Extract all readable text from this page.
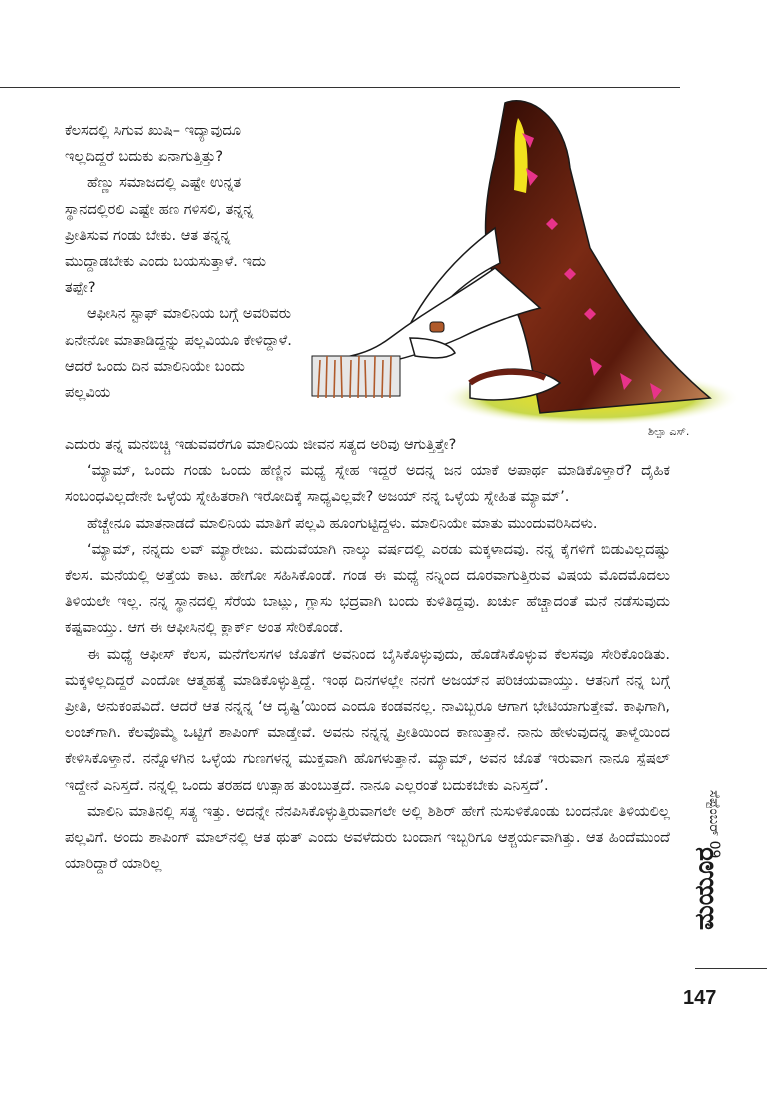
ಕೆಲಸದಲ್ಲಿ ಸಿಗುವ ಖುಷಿ– ಇದ್ಯಾವುದೂ ಇಲ್ಲದಿದ್ದರೆ ಬದುಕು ಏನಾಗುತ್ತಿತ್ತು?

ಹೆಣ್ಣು ಸಮಾಜದಲ್ಲಿ ಎಷ್ಟೇ ಉನ್ನತ ಸ್ಥಾನದಲ್ಲಿರಲಿ ಎಷ್ಟೇ ಹಣ ಗಳಿಸಲಿ, ತನ್ನನ್ನ ಪ್ರೀತಿಸುವ ಗಂಡು ಬೇಕು. ಆತ ತನ್ನನ್ನ ಮುದ್ದಾಡಬೇಕು ಎಂದು ಬಯಸುತ್ತಾಳೆ. ಇದು ತಪ್ಪೇ?

ಆಫೀಸಿನ ಸ್ಟಾಫ್ ಮಾಲಿನಿಯ ಬಗ್ಗೆ ಅವರಿವರು ಏನೇನೋ ಮಾತಾಡಿದ್ದನ್ನು ಪಲ್ಲವಿಯೂ ಕೇಳಿದ್ದಾಳೆ. ಆದರೆ ಒಂದು ದಿನ ಮಾಲಿನಿಯೇ ಬಂದು ಪಲ್ಲವಿಯ

ಶಿಲ್ಪಾ ಎಸ್.

ಎದುರು ತನ್ನ ಮನಬಿಚ್ಚಿ ಇಡುವವರೆಗೂ ಮಾಲಿನಿಯ ಜೀವನ ಸತ್ಯದ ಅರಿವು ಆಗುತ್ತಿತ್ತೇ?

‘ಮ್ಯಾಮ್, ಒಂದು ಗಂಡು ಒಂದು ಹೆಣ್ಣಿನ ಮಧ್ಯೆ ಸ್ನೇಹ ಇದ್ದರೆ ಅದನ್ನ ಜನ ಯಾಕೆ ಅಪಾರ್ಥ ಮಾಡಿಕೊಳ್ತಾರೆ? ದೈಹಿಕ ಸಂಬಂಧವಿಲ್ಲದೇನೇ ಒಳ್ಳೆಯ ಸ್ನೇಹಿತರಾಗಿ ಇರೋದಿಕ್ಕೆ ಸಾಧ್ಯವಿಲ್ಲವೇ? ಅಜಯ್ ನನ್ನ ಒಳ್ಳೆಯ ಸ್ನೇಹಿತ ಮ್ಯಾಮ್’.

ಹೆಚ್ಚೇನೂ ಮಾತನಾಡದೆ ಮಾಲಿನಿಯ ಮಾತಿಗೆ ಪಲ್ಲವಿ ಹೂಂಗುಟ್ಟಿದ್ದಳು. ಮಾಲಿನಿಯೇ ಮಾತು ಮುಂದುವರಿಸಿದಳು.

‘ಮ್ಯಾಮ್, ನನ್ನದು ಲವ್ ಮ್ಯಾರೇಜು. ಮದುವೆಯಾಗಿ ನಾಲ್ಕು ವರ್ಷದಲ್ಲಿ ಎರಡು ಮಕ್ಕಳಾದವು. ನನ್ನ ಕೈಗಳಿಗೆ ಬಿಡುವಿಲ್ಲದಷ್ಟು ಕೆಲಸ. ಮನೆಯಲ್ಲಿ ಅತ್ತೆಯ ಕಾಟ. ಹೇಗೋ ಸಹಿಸಿಕೊಂಡೆ. ಗಂಡ ಈ ಮಧ್ಯೆ ನನ್ನಿಂದ ದೂರವಾಗುತ್ತಿರುವ ವಿಷಯ ಮೊದಮೊದಲು ತಿಳಿಯಲೇ ಇಲ್ಲ. ನನ್ನ ಸ್ಥಾನದಲ್ಲಿ ಸೆರೆಯ ಬಾಟ್ಲು, ಗ್ಲಾಸು ಭದ್ರವಾಗಿ ಬಂದು ಕುಳಿತಿದ್ದವು. ಖರ್ಚು ಹೆಚ್ಚಾದಂತೆ ಮನೆ ನಡೆಸುವುದು ಕಷ್ಟವಾಯ್ತು. ಆಗ ಈ ಆಫೀಸಿನಲ್ಲಿ ಕ್ಲಾರ್ಕ್ ಅಂತ ಸೇರಿಕೊಂಡೆ.

ಈ ಮಧ್ಯೆ ಆಫೀಸ್ ಕೆಲಸ, ಮನೆಗೆಲಸಗಳ ಜೊತೆಗೆ ಅವನಿಂದ ಬೈಸಿಕೊಳ್ಳುವುದು, ಹೊಡೆಸಿಕೊಳ್ಳುವ ಕೆಲಸವೂ ಸೇರಿಕೊಂಡಿತು. ಮಕ್ಕಳಿಲ್ಲದಿದ್ದರೆ ಎಂದೋ ಆತ್ಮಹತ್ಯೆ ಮಾಡಿಕೊಳ್ಳುತ್ತಿದ್ದೆ. ಇಂಥ ದಿನಗಳಲ್ಲೇ ನನಗೆ ಅಜಯ್‌ನ ಪರಿಚಯವಾಯ್ತು. ಆತನಿಗೆ ನನ್ನ ಬಗ್ಗೆ ಪ್ರೀತಿ, ಅನುಕಂಪವಿದೆ. ಆದರೆ ಆತ ನನ್ನನ್ನ ‘ಆ ದೃಷ್ಟಿ’ಯಿಂದ ಎಂದೂ ಕಂಡವನಲ್ಲ. ನಾವಿಬ್ಬರೂ ಆಗಾಗ ಭೇಟಿಯಾಗುತ್ತೇವೆ. ಕಾಫಿಗಾಗಿ, ಲಂಚ್‌ಗಾಗಿ. ಕೆಲವೊಮ್ಮೆ ಒಟ್ಟಿಗೆ ಶಾಪಿಂಗ್ ಮಾಡ್ತೇವೆ. ಅವನು ನನ್ನನ್ನ ಪ್ರೀತಿಯಿಂದ ಕಾಣುತ್ತಾನೆ. ನಾನು ಹೇಳುವುದನ್ನ ತಾಳ್ಮೆಯಿಂದ ಕೇಳಿಸಿಕೊಳ್ತಾನೆ. ನನ್ನೊಳಗಿನ ಒಳ್ಳೆಯ ಗುಣಗಳನ್ನ ಮುಕ್ತವಾಗಿ ಹೊಗಳುತ್ತಾನೆ. ಮ್ಯಾಮ್, ಅವನ ಜೊತೆ ಇರುವಾಗ ನಾನೂ ಸ್ಪೆಷಲ್ ಇದ್ದೇನೆ ಎನಿಸ್ತದೆ. ನನ್ನಲ್ಲಿ ಒಂದು ತರಹದ ಉತ್ಸಾಹ ತುಂಬುತ್ತದೆ. ನಾನೂ ಎಲ್ಲರಂತೆ ಬದುಕಬೇಕು ಎನಿಸ್ತದೆ’.

ಮಾಲಿನಿ ಮಾತಿನಲ್ಲಿ ಸತ್ಯ ಇತ್ತು. ಅದನ್ನೇ ನೆನಪಿಸಿಕೊಳ್ಳುತ್ತಿರುವಾಗಲೇ ಅಲ್ಲಿ ಶಿಶಿರ್ ಹೇಗೆ ನುಸುಳಿಕೊಂಡು ಬಂದನೋ ತಿಳಿಯಲಿಲ್ಲ ಪಲ್ಲವಿಗೆ. ಅಂದು ಶಾಪಿಂಗ್ ಮಾಲ್‌ನಲ್ಲಿ ಆತ ಥುತ್ ಎಂದು ಅವಳೆದುರು ಬಂದಾಗ ಇಬ್ಬರಿಗೂ ಆಶ್ಚರ್ಯವಾಗಿತ್ತು. ಆತ ಹಿಂದೆಮುಂದೆ ಯಾರಿದ್ದಾರೆ ಯಾರಿಲ್ಲ

ಸೆಪ್ಟೆಂಬರ್ 09
ಮಯೂರ
147
